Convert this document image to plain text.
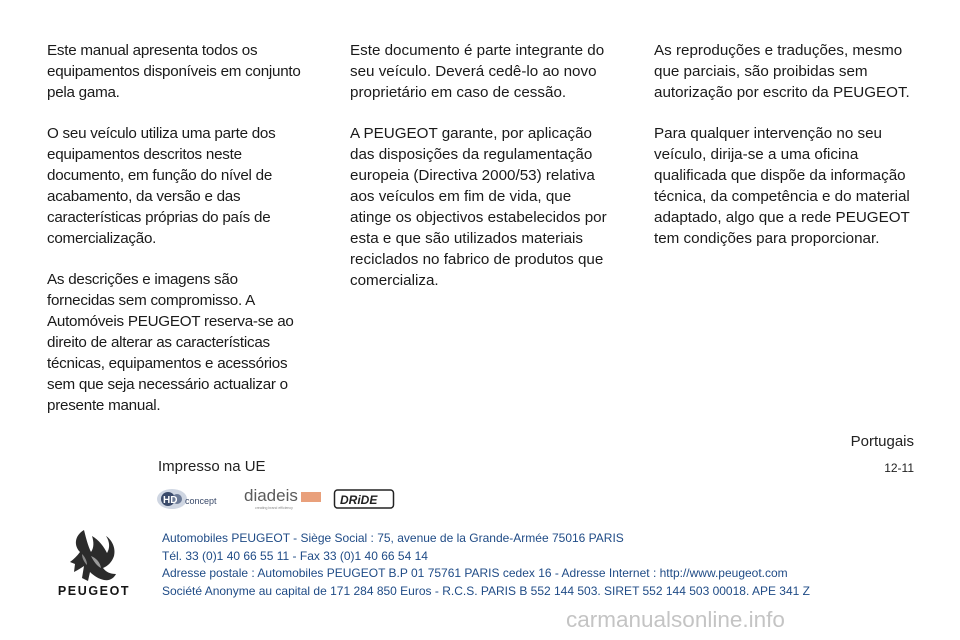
Este manual apresenta todos os equipamentos disponíveis em conjunto pela gama.

O seu veículo utiliza uma parte dos equipamentos descritos neste documento, em função do nível de acabamento, da versão e das características próprias do país de comercialização.

As descrições e imagens são fornecidas sem compromisso. A Automóveis PEUGEOT reserva-se ao direito de alterar as características técnicas, equipamentos e acessórios sem que seja necessário actualizar o presente manual.

Este documento é parte integrante do seu veículo. Deverá cedê-lo ao novo proprietário em caso de cessão.

A PEUGEOT garante, por aplicação das disposições da regulamentação europeia (Directiva 2000/53) relativa aos veículos em fim de vida, que atinge os objectivos estabelecidos por esta e que são utilizados materiais reciclados no fabrico de produtos que comercializa.

As reproduções e traduções, mesmo que parciais, são proibidas sem autorização por escrito da PEUGEOT.

Para qualquer intervenção no seu veículo, dirija-se a uma oficina qualificada que dispõe da informação técnica, da competência e do material adaptado, algo que a rede PEUGEOT tem condições para proporcionar.

Portugais
Impresso na UE	12-11
HD concept diadeis
creating brand efficiency
DRiDE
Automobiles PEUGEOT - Siège Social : 75, avenue de la Grande-Armée 75016 PARIS
Tél. 33 (0)1 40 66 55 11 - Fax 33 (0)1 40 66 54 14
Adresse postale : Automobiles PEUGEOT B.P 01 75761 PARIS cedex 16 - Adresse Internet : http://www.peugeot.com
Société Anonyme au capital de 171 284 850 Euros - R.C.S. PARIS B 552 144 503. SIRET 552 144 503 00018. APE 341 Z
PEUGEOT
carmanualsonline.info
